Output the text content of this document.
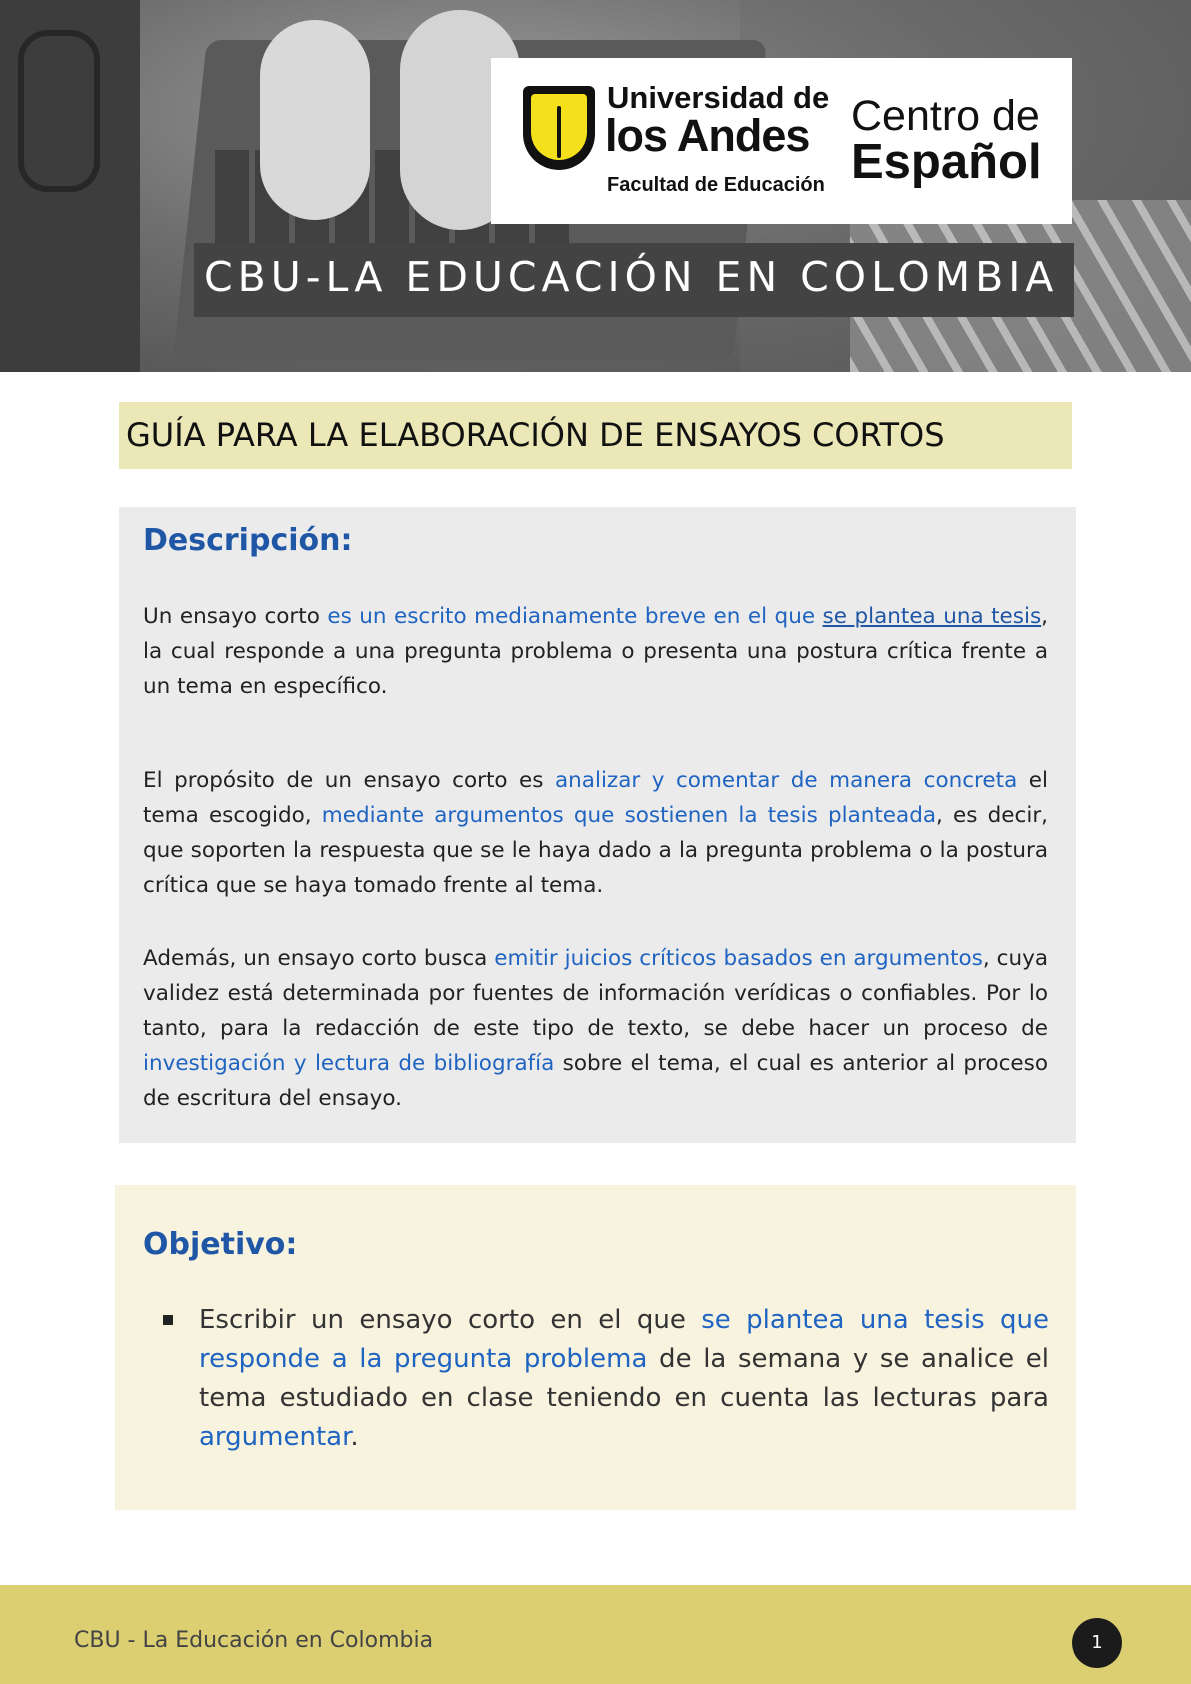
Universidad de
los Andes
Facultad de Educación
Centro de
Español
CBU-LA EDUCACIÓN EN COLOMBIA
GUÍA PARA LA ELABORACIÓN DE ENSAYOS CORTOS
Descripción:

Un ensayo corto es un escrito medianamente breve en el que se plantea una tesis, la cual responde a una pregunta problema o presenta una postura crítica frente a un tema en específico.

El propósito de un ensayo corto es analizar y comentar de manera concreta el tema escogido, mediante argumentos que sostienen la tesis planteada, es decir, que soporten la respuesta que se le haya dado a la pregunta problema o la postura crítica que se haya tomado frente al tema.

Además, un ensayo corto busca emitir juicios críticos basados en argumentos, cuya validez está determinada por fuentes de información verídicas o confiables. Por lo tanto, para la redacción de este tipo de texto, se debe hacer un proceso de investigación y lectura de bibliografía sobre el tema, el cual es anterior al proceso de escritura del ensayo.

Objetivo:
Escribir un ensayo corto en el que se plantea una tesis que responde a la pregunta problema de la semana y se analice el tema estudiado en clase teniendo en cuenta las lecturas para argumentar.
CBU - La Educación en Colombia	1
